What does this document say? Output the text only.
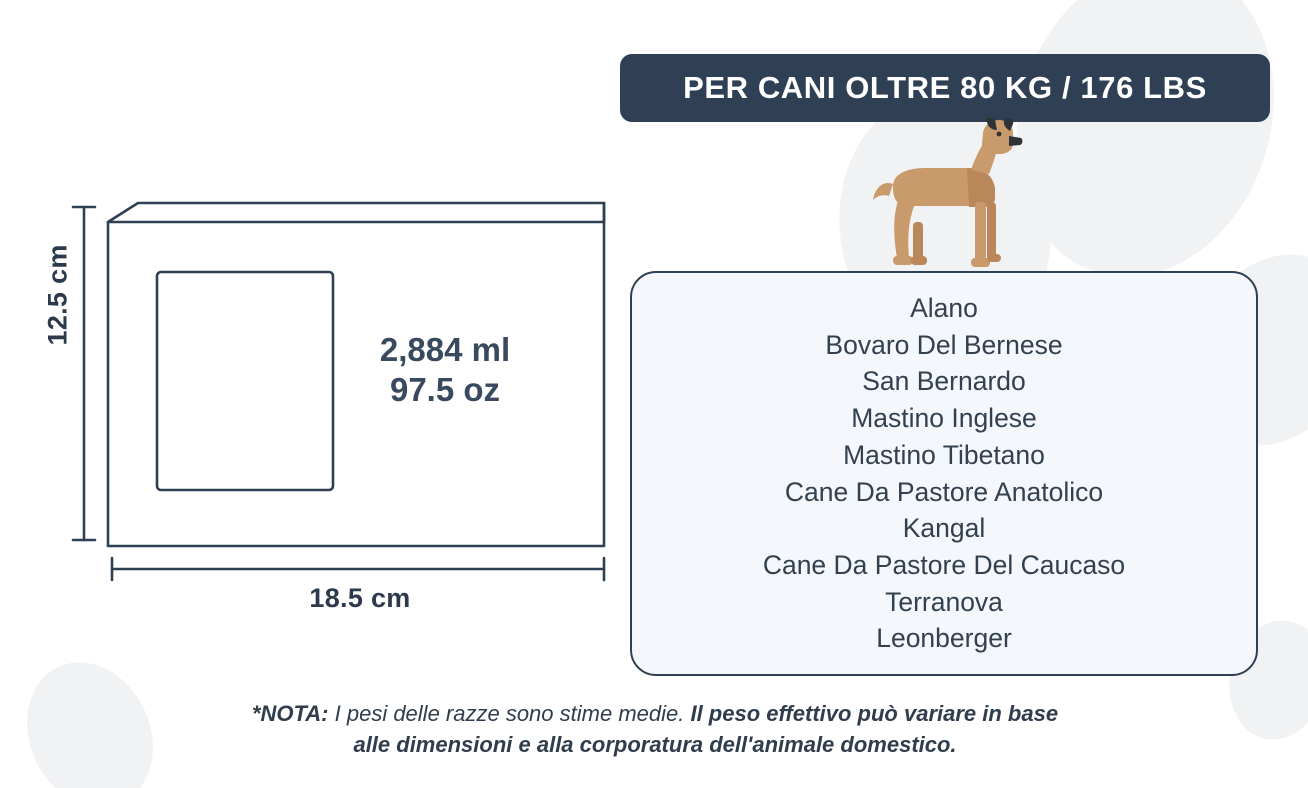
12.5 cm
18.5 cm
2,884 ml
97.5 oz
PER CANI OLTRE 80 KG / 176 LBS
Alano
Bovaro Del Bernese
San Bernardo
Mastino Inglese
Mastino Tibetano
Cane Da Pastore Anatolico
Kangal
Cane Da Pastore Del Caucaso
Terranova
Leonberger
*NOTA: I pesi delle razze sono stime medie. Il peso effettivo può variare in base
alle dimensioni e alla corporatura dell'animale domestico.
